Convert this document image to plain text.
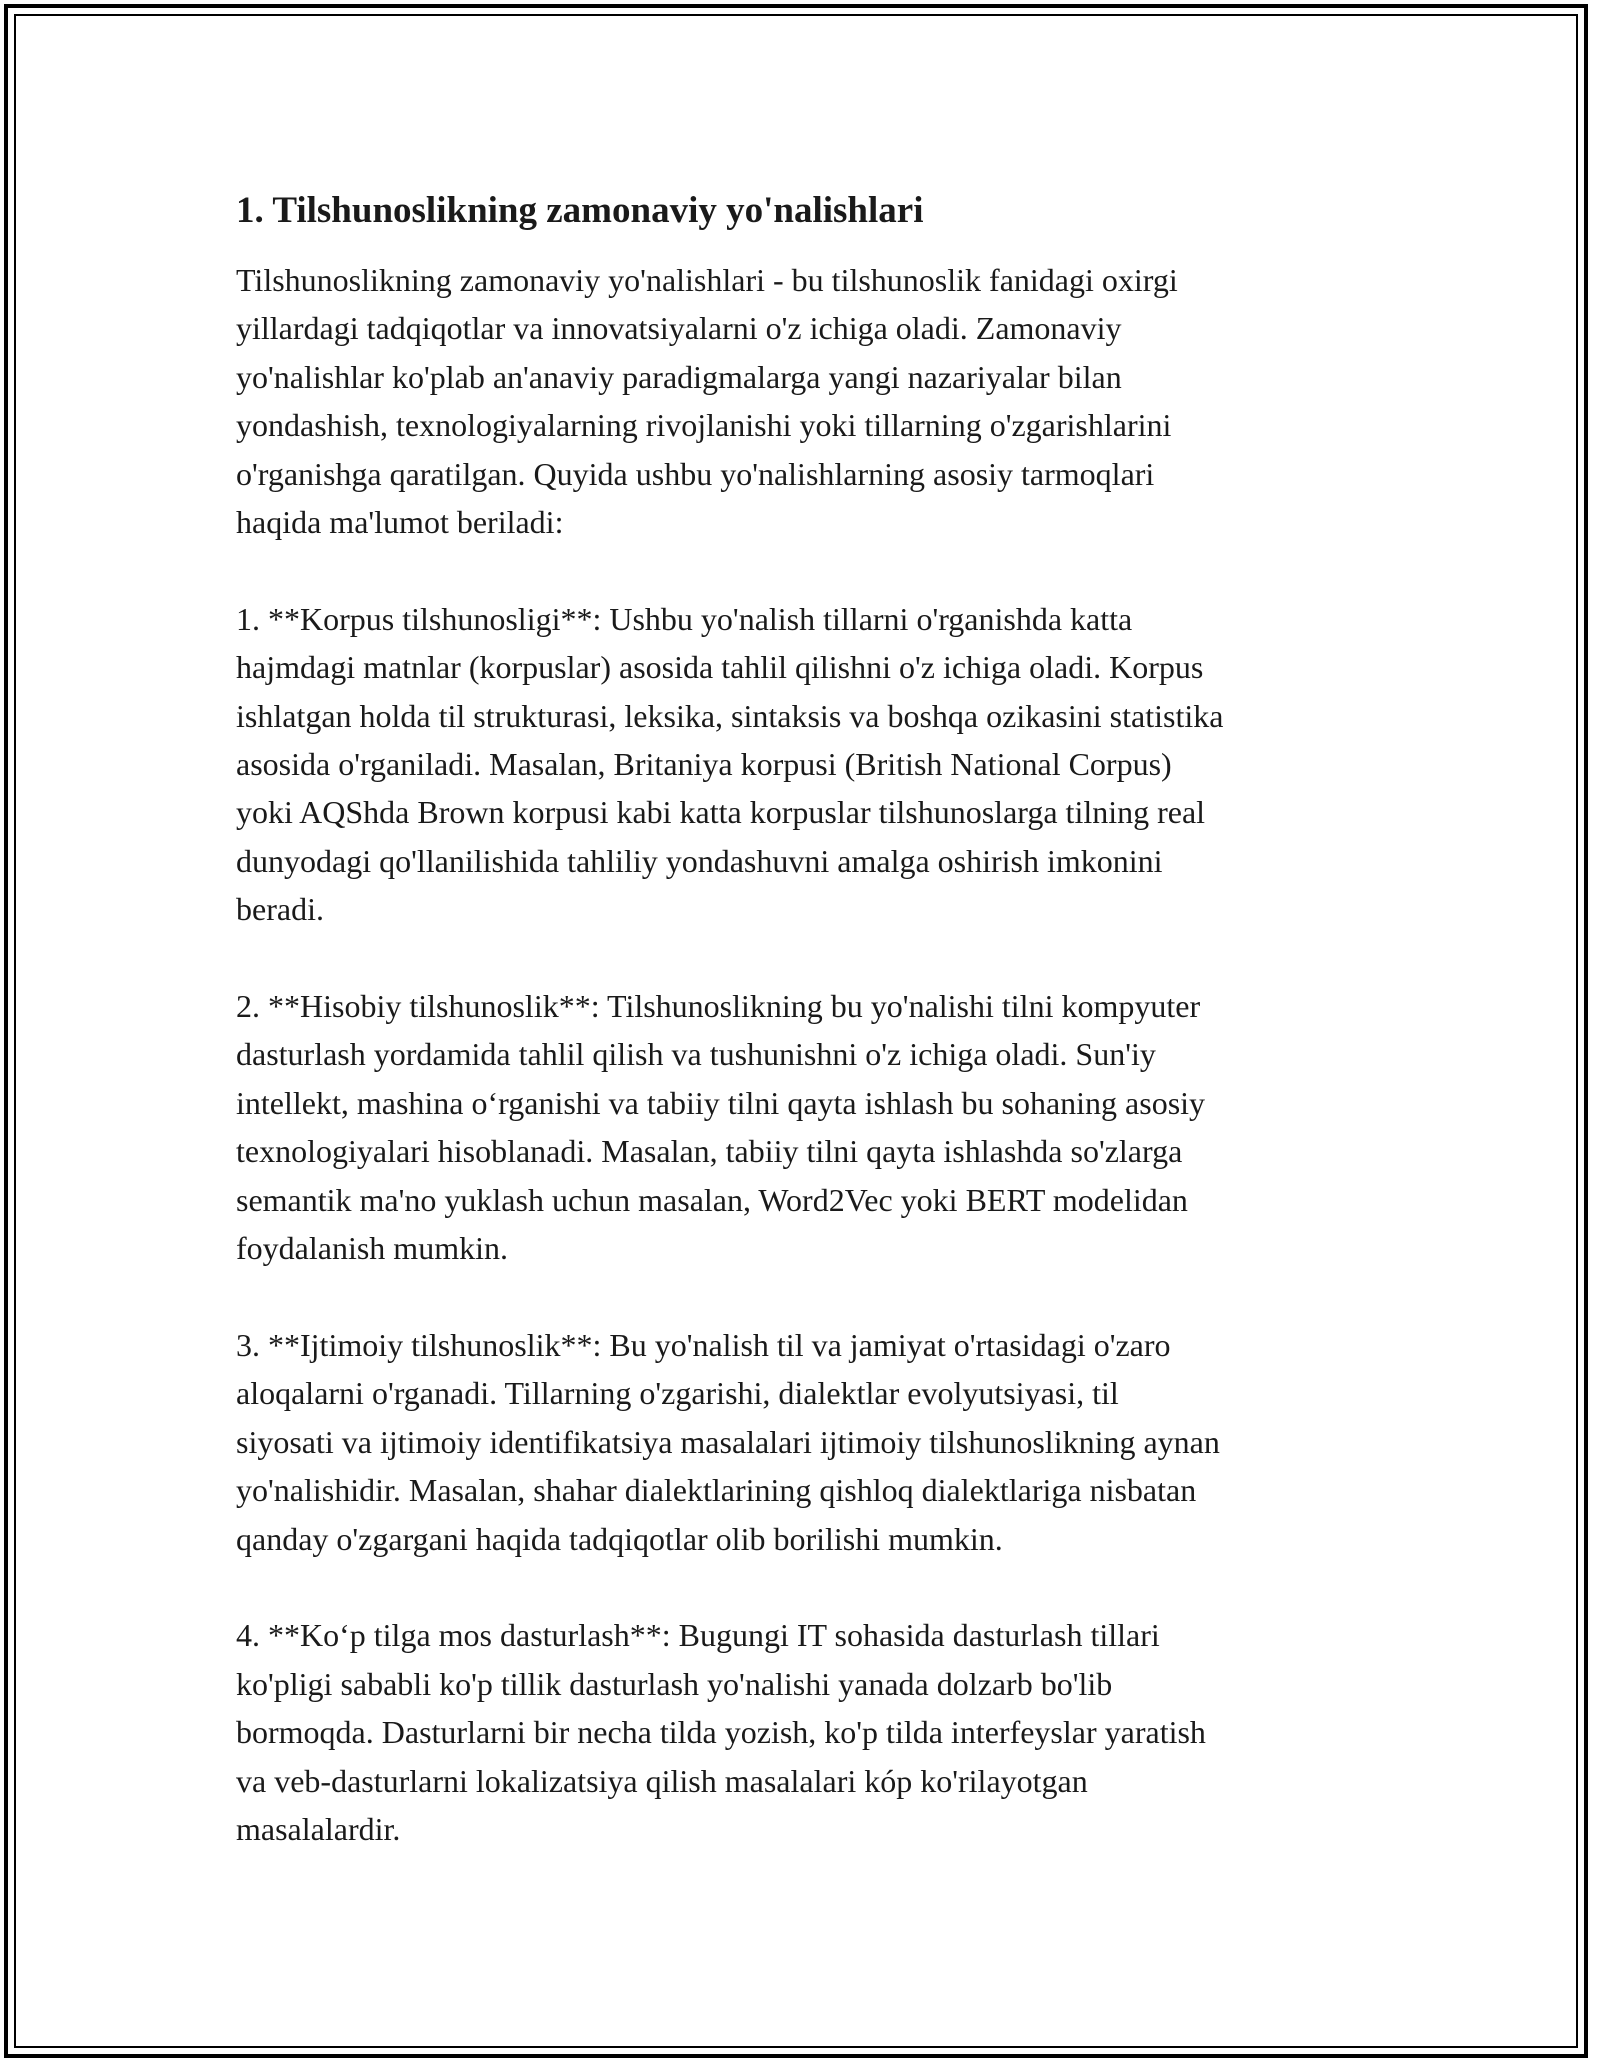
1. Tilshunoslikning zamonaviy yo'nalishlari

Tilshunoslikning zamonaviy yo'nalishlari - bu tilshunoslik fanidagi oxirgi
yillardagi tadqiqotlar va innovatsiyalarni o'z ichiga oladi. Zamonaviy
yo'nalishlar ko'plab an'anaviy paradigmalarga yangi nazariyalar bilan
yondashish, texnologiyalarning rivojlanishi yoki tillarning o'zgarishlarini
o'rganishga qaratilgan. Quyida ushbu yo'nalishlarning asosiy tarmoqlari
haqida ma'lumot beriladi:

1. **Korpus tilshunosligi**: Ushbu yo'nalish tillarni o'rganishda katta
hajmdagi matnlar (korpuslar) asosida tahlil qilishni o'z ichiga oladi. Korpus
ishlatgan holda til strukturasi, leksika, sintaksis va boshqa ozikasini statistika
asosida o'rganiladi. Masalan, Britaniya korpusi (British National Corpus)
yoki AQShda Brown korpusi kabi katta korpuslar tilshunoslarga tilning real
dunyodagi qo'llanilishida tahliliy yondashuvni amalga oshirish imkonini
beradi.

2. **Hisobiy tilshunoslik**: Tilshunoslikning bu yo'nalishi tilni kompyuter
dasturlash yordamida tahlil qilish va tushunishni o'z ichiga oladi. Sun'iy
intellekt, mashina o‘rganishi va tabiiy tilni qayta ishlash bu sohaning asosiy
texnologiyalari hisoblanadi. Masalan, tabiiy tilni qayta ishlashda so'zlarga
semantik ma'no yuklash uchun masalan, Word2Vec yoki BERT modelidan
foydalanish mumkin.

3. **Ijtimoiy tilshunoslik**: Bu yo'nalish til va jamiyat o'rtasidagi o'zaro
aloqalarni o'rganadi. Tillarning o'zgarishi, dialektlar evolyutsiyasi, til
siyosati va ijtimoiy identifikatsiya masalalari ijtimoiy tilshunoslikning aynan
yo'nalishidir. Masalan, shahar dialektlarining qishloq dialektlariga nisbatan
qanday o'zgargani haqida tadqiqotlar olib borilishi mumkin.

4. **Ko‘p tilga mos dasturlash**: Bugungi IT sohasida dasturlash tillari
ko'pligi sababli ko'p tillik dasturlash yo'nalishi yanada dolzarb bo'lib
bormoqda. Dasturlarni bir necha tilda yozish, ko'p tilda interfeyslar yaratish
va veb-dasturlarni lokalizatsiya qilish masalalari kóp ko'rilayotgan
masalalardir.
